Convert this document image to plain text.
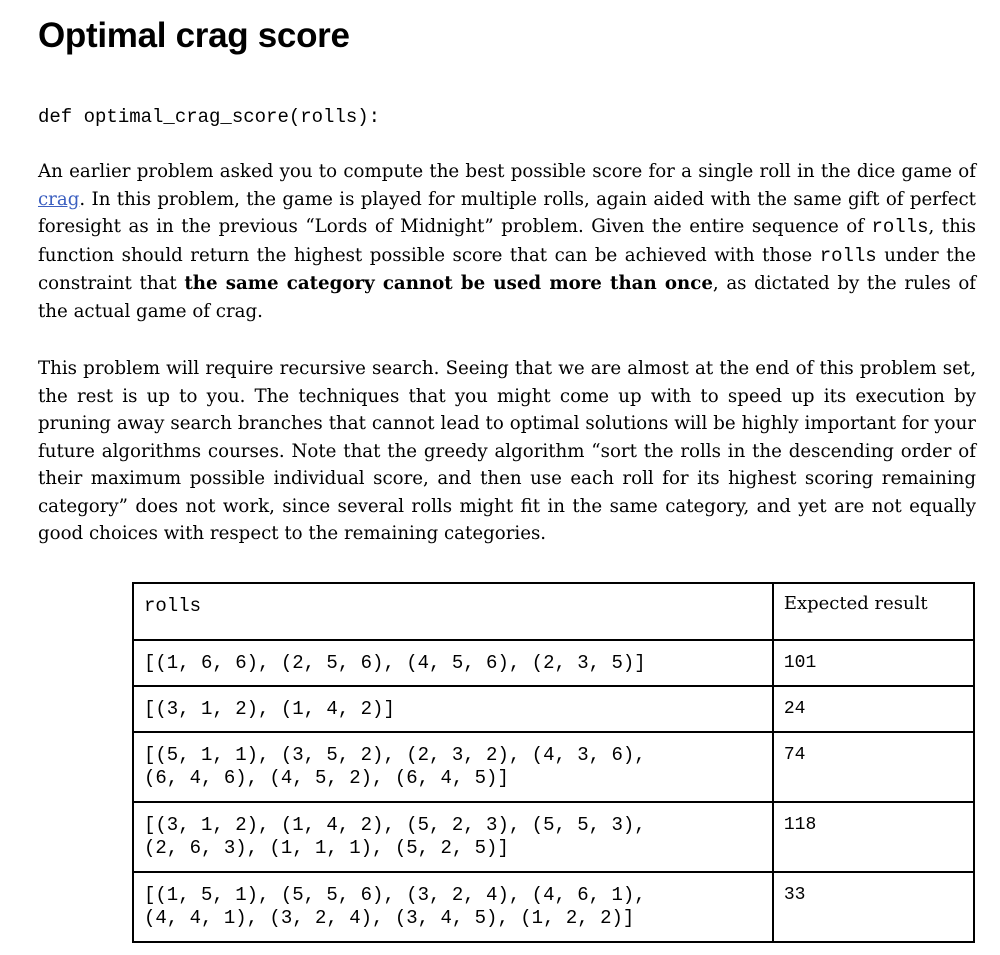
Optimal crag score
def optimal_crag_score(rolls):

An earlier problem asked you to compute the best possible score for a single roll in the dice game of crag. In this problem, the game is played for multiple rolls, again aided with the same gift of perfect foresight as in the previous “Lords of Midnight” problem. Given the entire sequence of rolls, this function should return the highest possible score that can be achieved with those rolls under the constraint that the same category cannot be used more than once, as dictated by the rules of the actual game of crag.

This problem will require recursive search. Seeing that we are almost at the end of this problem set, the rest is up to you. The techniques that you might come up with to speed up its execution by pruning away search branches that cannot lead to optimal solutions will be highly important for your future algorithms courses. Note that the greedy algorithm “sort the rolls in the descending order of their maximum possible individual score, and then use each roll for its highest scoring remaining category” does not work, since several rolls might fit in the same category, and yet are not equally good choices with respect to the remaining categories.

rolls	Expected result
[(1, 6, 6), (2, 5, 6), (4, 5, 6), (2, 3, 5)]	101
[(3, 1, 2), (1, 4, 2)]	24
[(5, 1, 1), (3, 5, 2), (2, 3, 2), (4, 3, 6),
(6, 4, 6), (4, 5, 2), (6, 4, 5)]	74
[(3, 1, 2), (1, 4, 2), (5, 2, 3), (5, 5, 3),
(2, 6, 3), (1, 1, 1), (5, 2, 5)]	118
[(1, 5, 1), (5, 5, 6), (3, 2, 4), (4, 6, 1),
(4, 4, 1), (3, 2, 4), (3, 4, 5), (1, 2, 2)]	33
